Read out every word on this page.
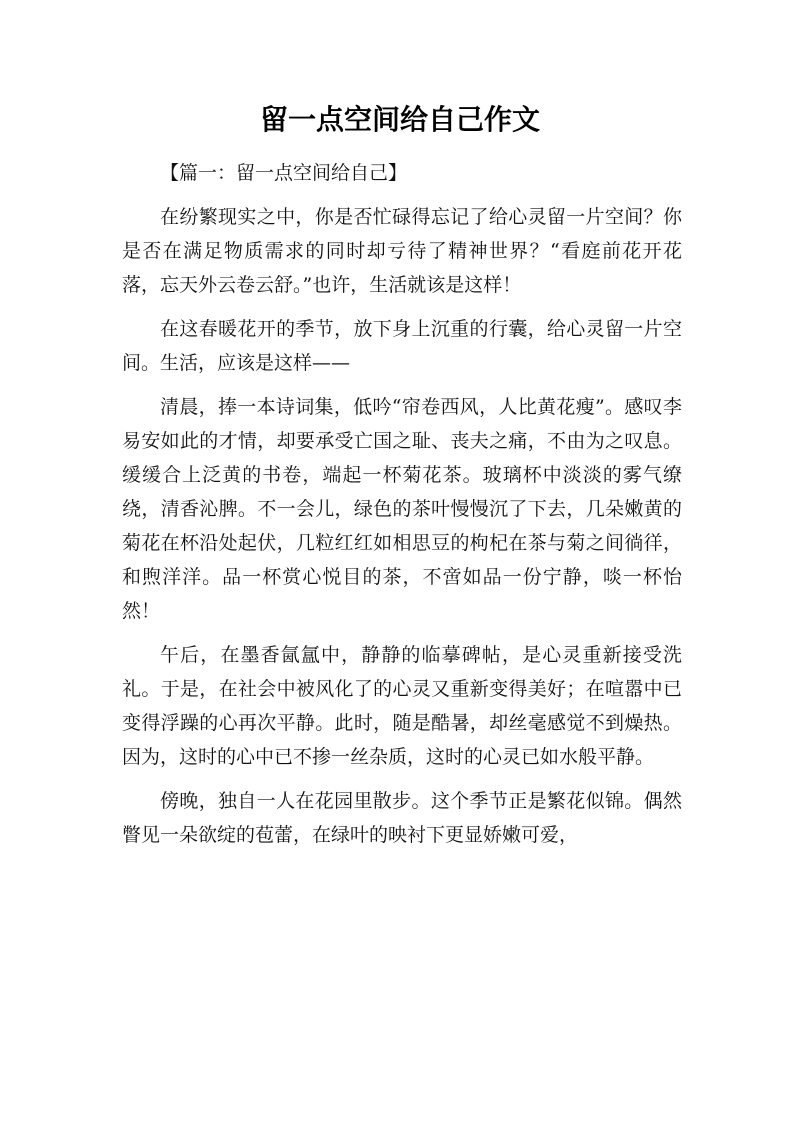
留一点空间给自己作文

【篇一：留一点空间给自己】

在纷繁现实之中，你是否忙碌得忘记了给心灵留一片空间？你是否在满足物质需求的同时却亏待了精神世界？“看庭前花开花落，忘天外云卷云舒。”也许，生活就该是这样！

在这春暖花开的季节，放下身上沉重的行囊，给心灵留一片空间。生活，应该是这样——

清晨，捧一本诗词集，低吟“帘卷西风，人比黄花瘦”。感叹李易安如此的才情，却要承受亡国之耻、丧夫之痛，不由为之叹息。缓缓合上泛黄的书卷，端起一杯菊花茶。玻璃杯中淡淡的雾气缭绕，清香沁脾。不一会儿，绿色的茶叶慢慢沉了下去，几朵嫩黄的菊花在杯沿处起伏，几粒红红如相思豆的枸杞在茶与菊之间徜徉，和煦洋洋。品一杯赏心悦目的茶，不啻如品一份宁静，啖一杯怡然！

午后，在墨香氤氲中，静静的临摹碑帖，是心灵重新接受洗礼。于是，在社会中被风化了的心灵又重新变得美好；在喧嚣中已变得浮躁的心再次平静。此时，随是酷暑，却丝毫感觉不到燥热。因为，这时的心中已不掺一丝杂质，这时的心灵已如水般平静。

傍晚，独自一人在花园里散步。这个季节正是繁花似锦。偶然瞥见一朵欲绽的苞蕾，在绿叶的映衬下更显娇嫩可爱，
